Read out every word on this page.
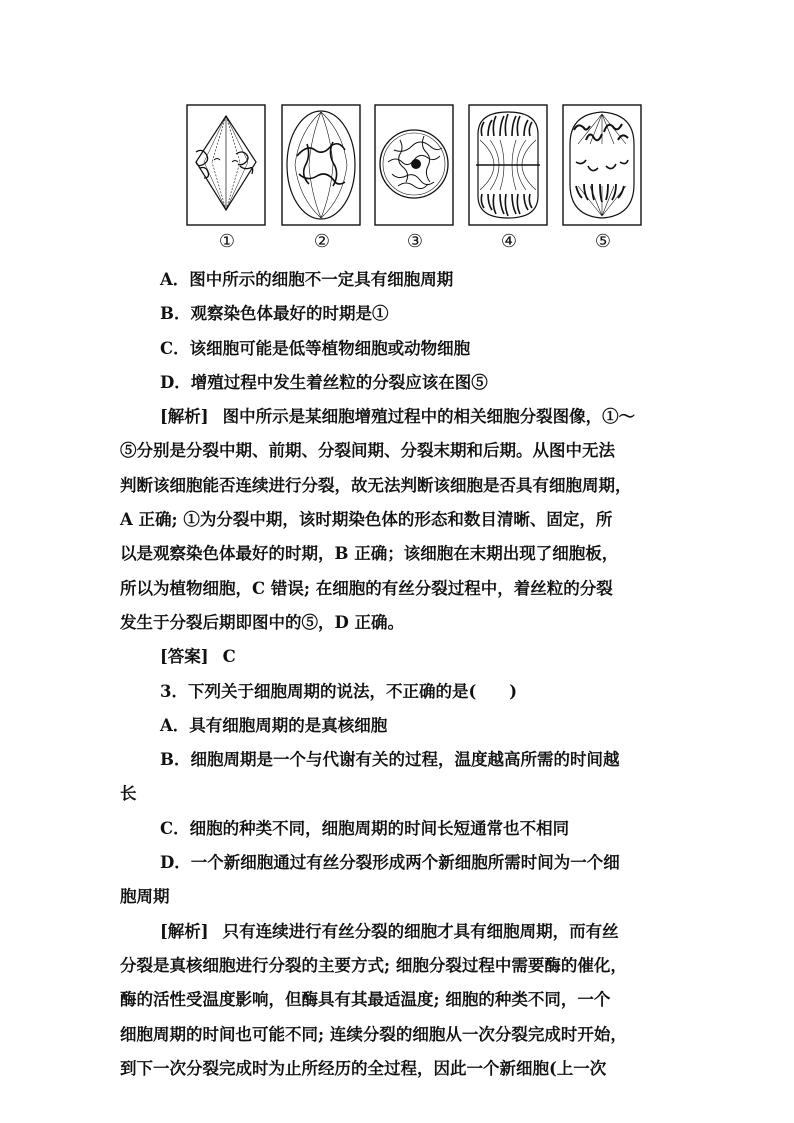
①	②	③	④	⑤

A．图中所示的细胞不一定具有细胞周期

B．观察染色体最好的时期是①

C．该细胞可能是低等植物细胞或动物细胞

D．增殖过程中发生着丝粒的分裂应该在图⑤

[解析] 图中所示是某细胞增殖过程中的相关细胞分裂图像，①～

⑤分别是分裂中期、前期、分裂间期、分裂末期和后期。从图中无法

判断该细胞能否连续进行分裂，故无法判断该细胞是否具有细胞周期，

A 正确; ①为分裂中期，该时期染色体的形态和数目清晰、固定，所

以是观察染色体最好的时期，B 正确；该细胞在末期出现了细胞板，

所以为植物细胞，C 错误; 在细胞的有丝分裂过程中，着丝粒的分裂

发生于分裂后期即图中的⑤，D 正确。

[答案] C

3．下列关于细胞周期的说法，不正确的是(　　)

A．具有细胞周期的是真核细胞

B．细胞周期是一个与代谢有关的过程，温度越高所需的时间越

长

C．细胞的种类不同，细胞周期的时间长短通常也不相同

D．一个新细胞通过有丝分裂形成两个新细胞所需时间为一个细

胞周期

[解析] 只有连续进行有丝分裂的细胞才具有细胞周期，而有丝

分裂是真核细胞进行分裂的主要方式; 细胞分裂过程中需要酶的催化，

酶的活性受温度影响，但酶具有其最适温度; 细胞的种类不同，一个

细胞周期的时间也可能不同; 连续分裂的细胞从一次分裂完成时开始，

到下一次分裂完成时为止所经历的全过程，因此一个新细胞(上一次
